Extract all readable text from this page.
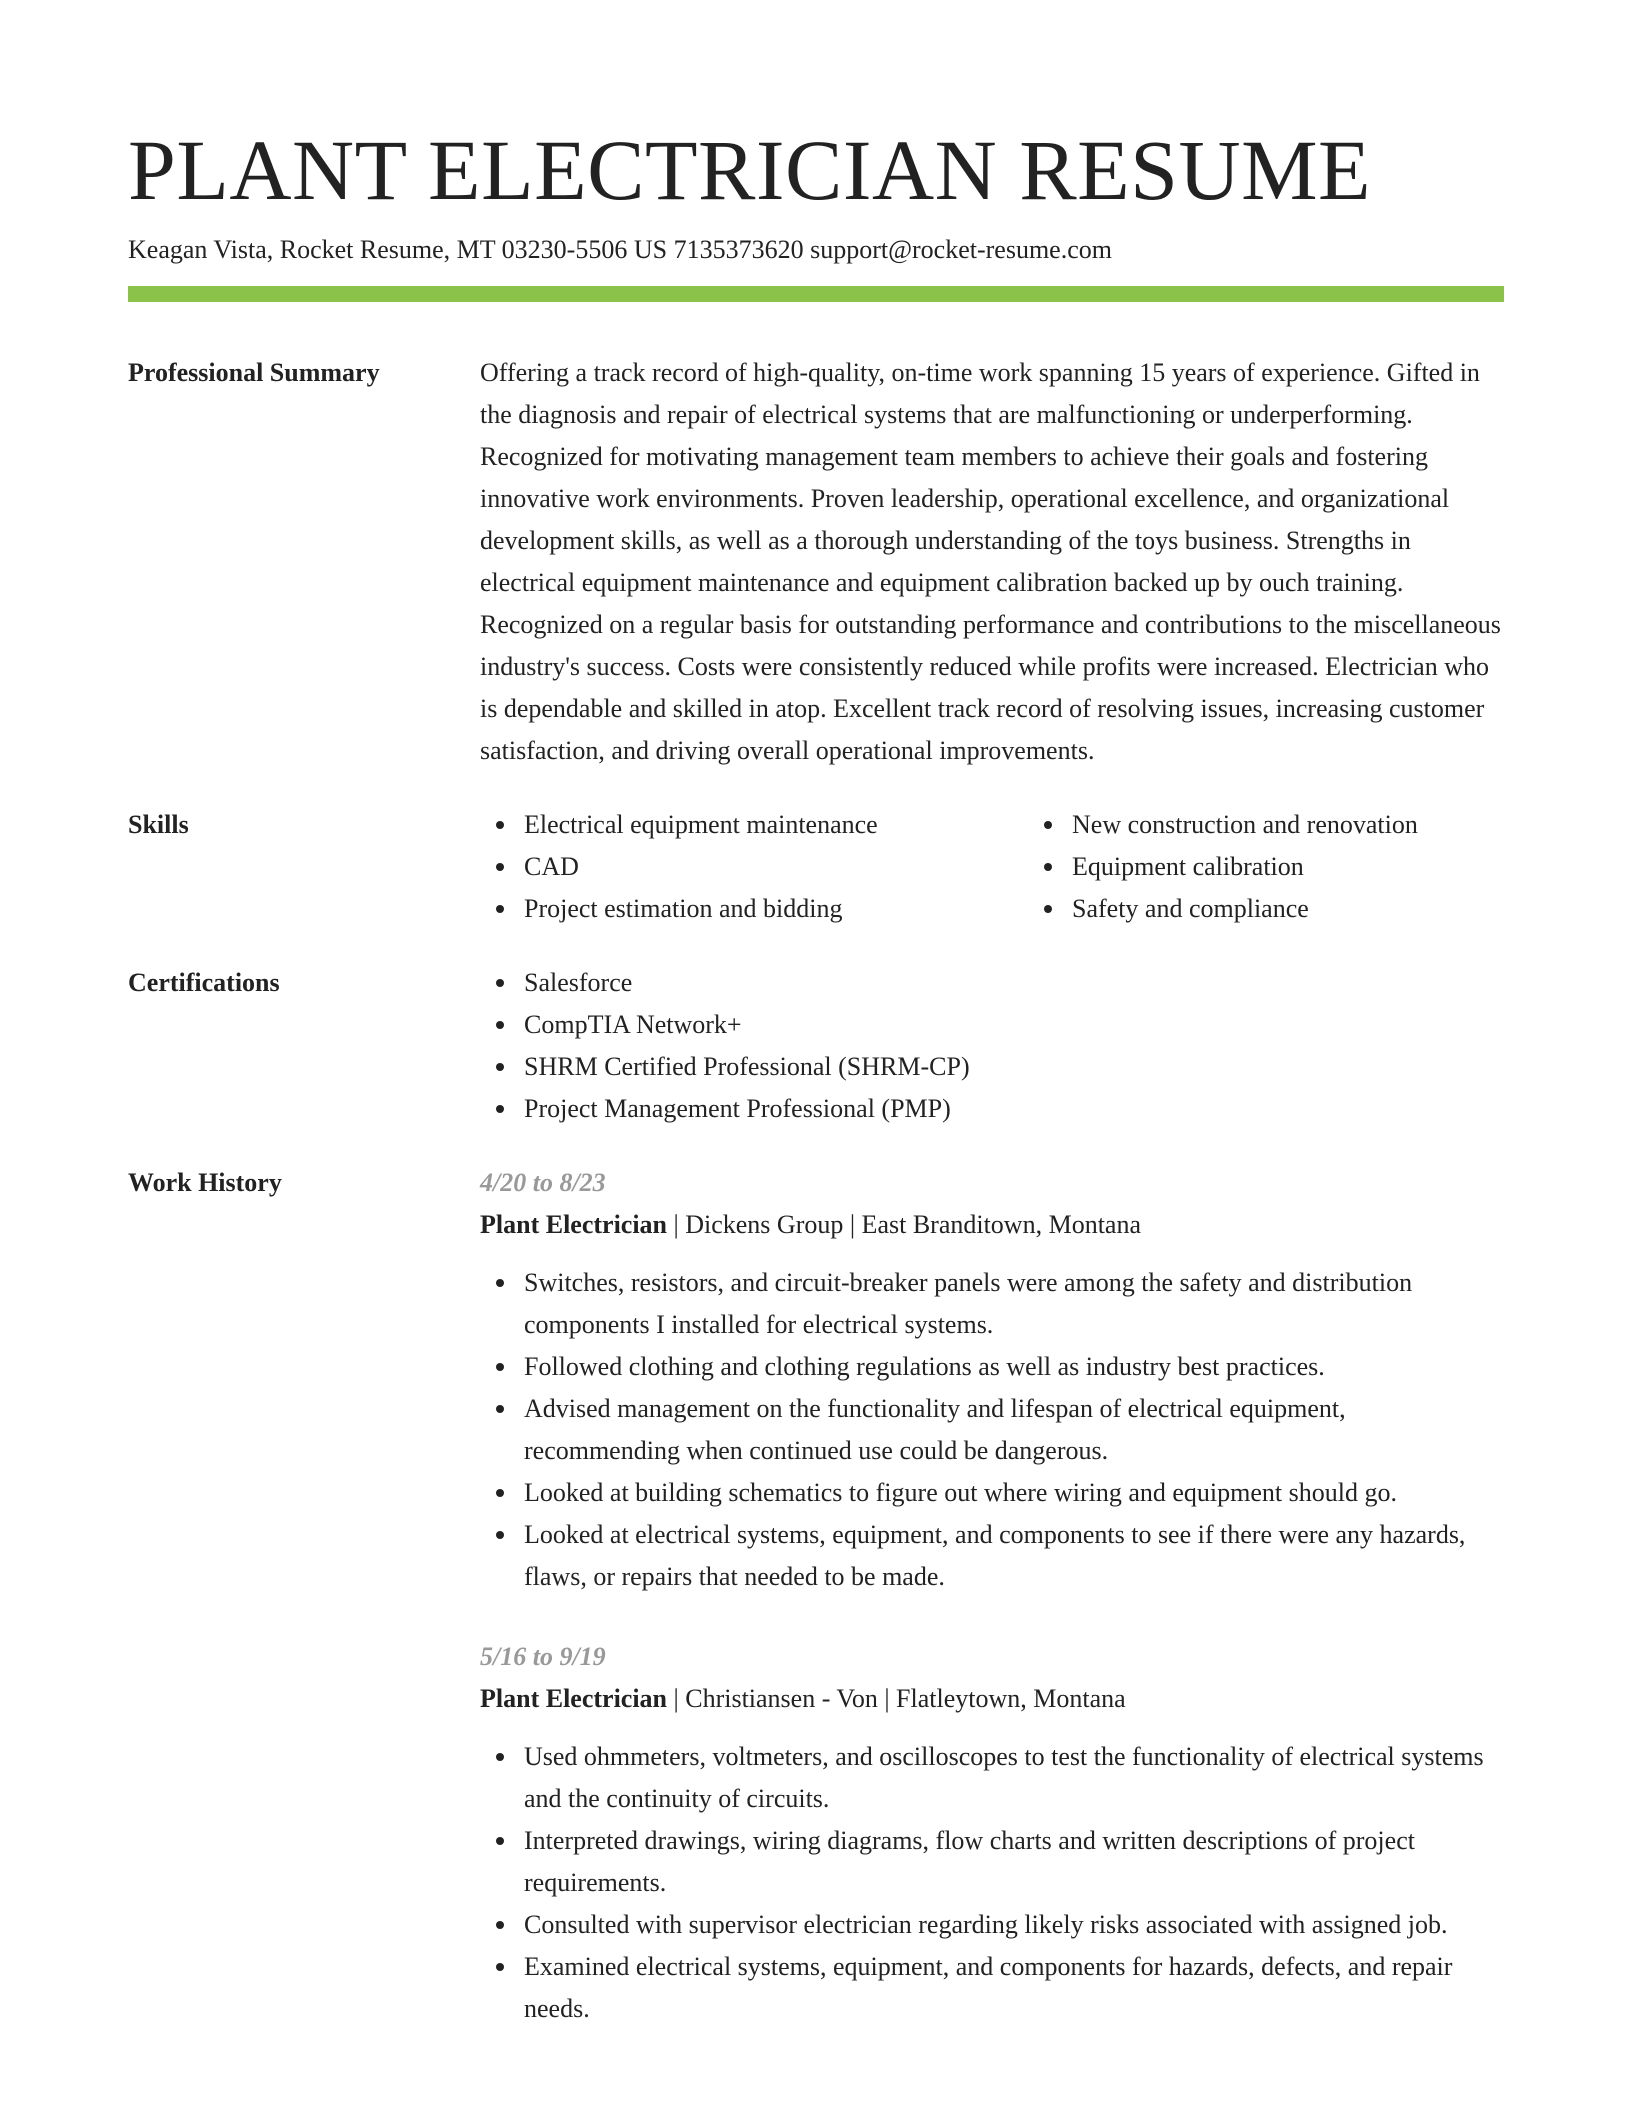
PLANT ELECTRICIAN RESUME
Keagan Vista, Rocket Resume, MT 03230-5506 US 7135373620 support@rocket-resume.com
Professional Summary	Offering a track record of high-quality, on-time work spanning 15 years of experience. Gifted in the diagnosis and repair of electrical systems that are malfunctioning or underperforming. Recognized for motivating management team members to achieve their goals and fostering innovative work environments. Proven leadership, operational excellence, and organizational development skills, as well as a thorough understanding of the toys business. Strengths in electrical equipment maintenance and equipment calibration backed up by ouch training. Recognized on a regular basis for outstanding performance and contributions to the miscellaneous industry's success. Costs were consistently reduced while profits were increased. Electrician who is dependable and skilled in atop. Excellent track record of resolving issues, increasing customer satisfaction, and driving overall operational improvements.

Skills	Electrical equipment maintenance
CAD
Project estimation and bidding
New construction and renovation
Equipment calibration
Safety and compliance
Certifications	Salesforce
CompTIA Network+
SHRM Certified Professional (SHRM-CP)
Project Management Professional (PMP)
Work History	4/20 to 8/23
Plant Electrician | Dickens Group | East Branditown, Montana
Switches, resistors, and circuit-breaker panels were among the safety and distribution components I installed for electrical systems.
Followed clothing and clothing regulations as well as industry best practices.
Advised management on the functionality and lifespan of electrical equipment, recommending when continued use could be dangerous.
Looked at building schematics to figure out where wiring and equipment should go.
Looked at electrical systems, equipment, and components to see if there were any hazards, flaws, or repairs that needed to be made.
5/16 to 9/19
Plant Electrician | Christiansen - Von | Flatleytown, Montana
Used ohmmeters, voltmeters, and oscilloscopes to test the functionality of electrical systems and the continuity of circuits.
Interpreted drawings, wiring diagrams, flow charts and written descriptions of project requirements.
Consulted with supervisor electrician regarding likely risks associated with assigned job.
Examined electrical systems, equipment, and components for hazards, defects, and repair needs.
